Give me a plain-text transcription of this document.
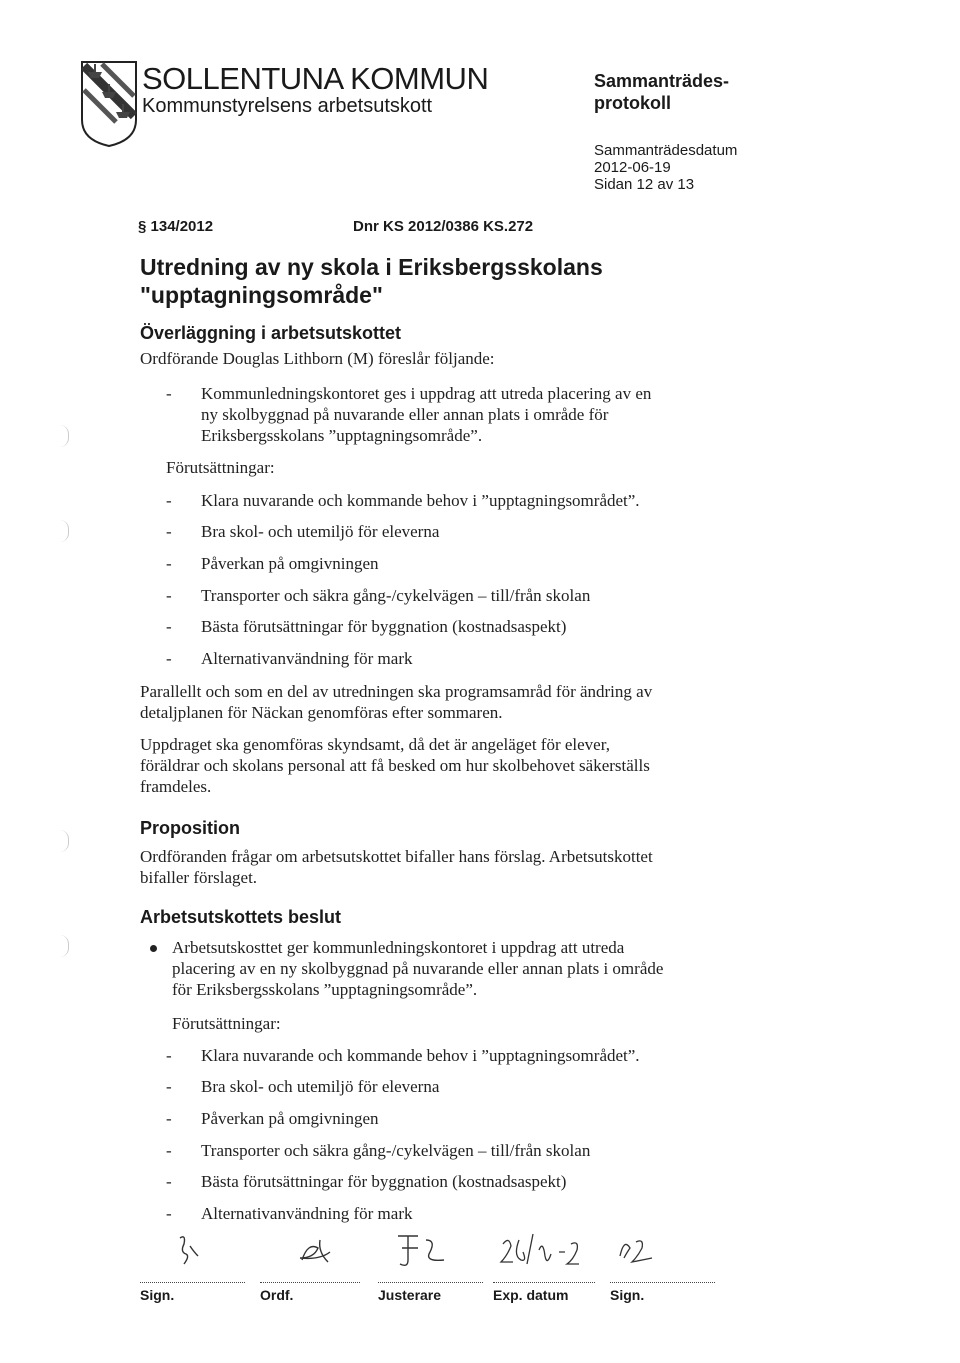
SOLLENTUNA KOMMUN
Kommunstyrelsens arbetsutskott
Sammanträdes-
protokoll
Sammanträdesdatum
2012-06-19
Sidan 12 av 13
§ 134/2012	Dnr KS 2012/0386 KS.272
Utredning av ny skola i Eriksbergsskolans
"upptagningsområde"
Överläggning i arbetsutskottet
Ordförande Douglas Lithborn (M) föreslår följande:
- Kommunledningskontoret ges i uppdrag att utreda placering av en
ny skolbyggnad på nuvarande eller annan plats i område för
Eriksbergsskolans ”upptagningsområde”.
Förutsättningar:
- Klara nuvarande och kommande behov i ”upptagningsområdet”.
- Bra skol- och utemiljö för eleverna
- Påverkan på omgivningen
- Transporter och säkra gång-/cykelvägen – till/från skolan
- Bästa förutsättningar för byggnation (kostnadsaspekt)
- Alternativanvändning för mark
Parallellt och som en del av utredningen ska programsamråd för ändring av
detaljplanen för Näckan genomföras efter sommaren.
Uppdraget ska genomföras skyndsamt, då det är angeläget för elever,
föräldrar och skolans personal att få besked om hur skolbehovet säkerställs
framdeles.
Proposition
Ordföranden frågar om arbetsutskottet bifaller hans förslag. Arbetsutskottet
bifaller förslaget.
Arbetsutskottets beslut
Arbetsutskosttet ger kommunledningskontoret i uppdrag att utreda
placering av en ny skolbyggnad på nuvarande eller annan plats i område
för Eriksbergsskolans ”upptagningsområde”.
Förutsättningar:
- Klara nuvarande och kommande behov i ”upptagningsområdet”.
- Bra skol- och utemiljö för eleverna
- Påverkan på omgivningen
- Transporter och säkra gång-/cykelvägen – till/från skolan
- Bästa förutsättningar för byggnation (kostnadsaspekt)
- Alternativanvändning för mark
Sign.	Ordf.	Justerare	Exp. datum	Sign.
